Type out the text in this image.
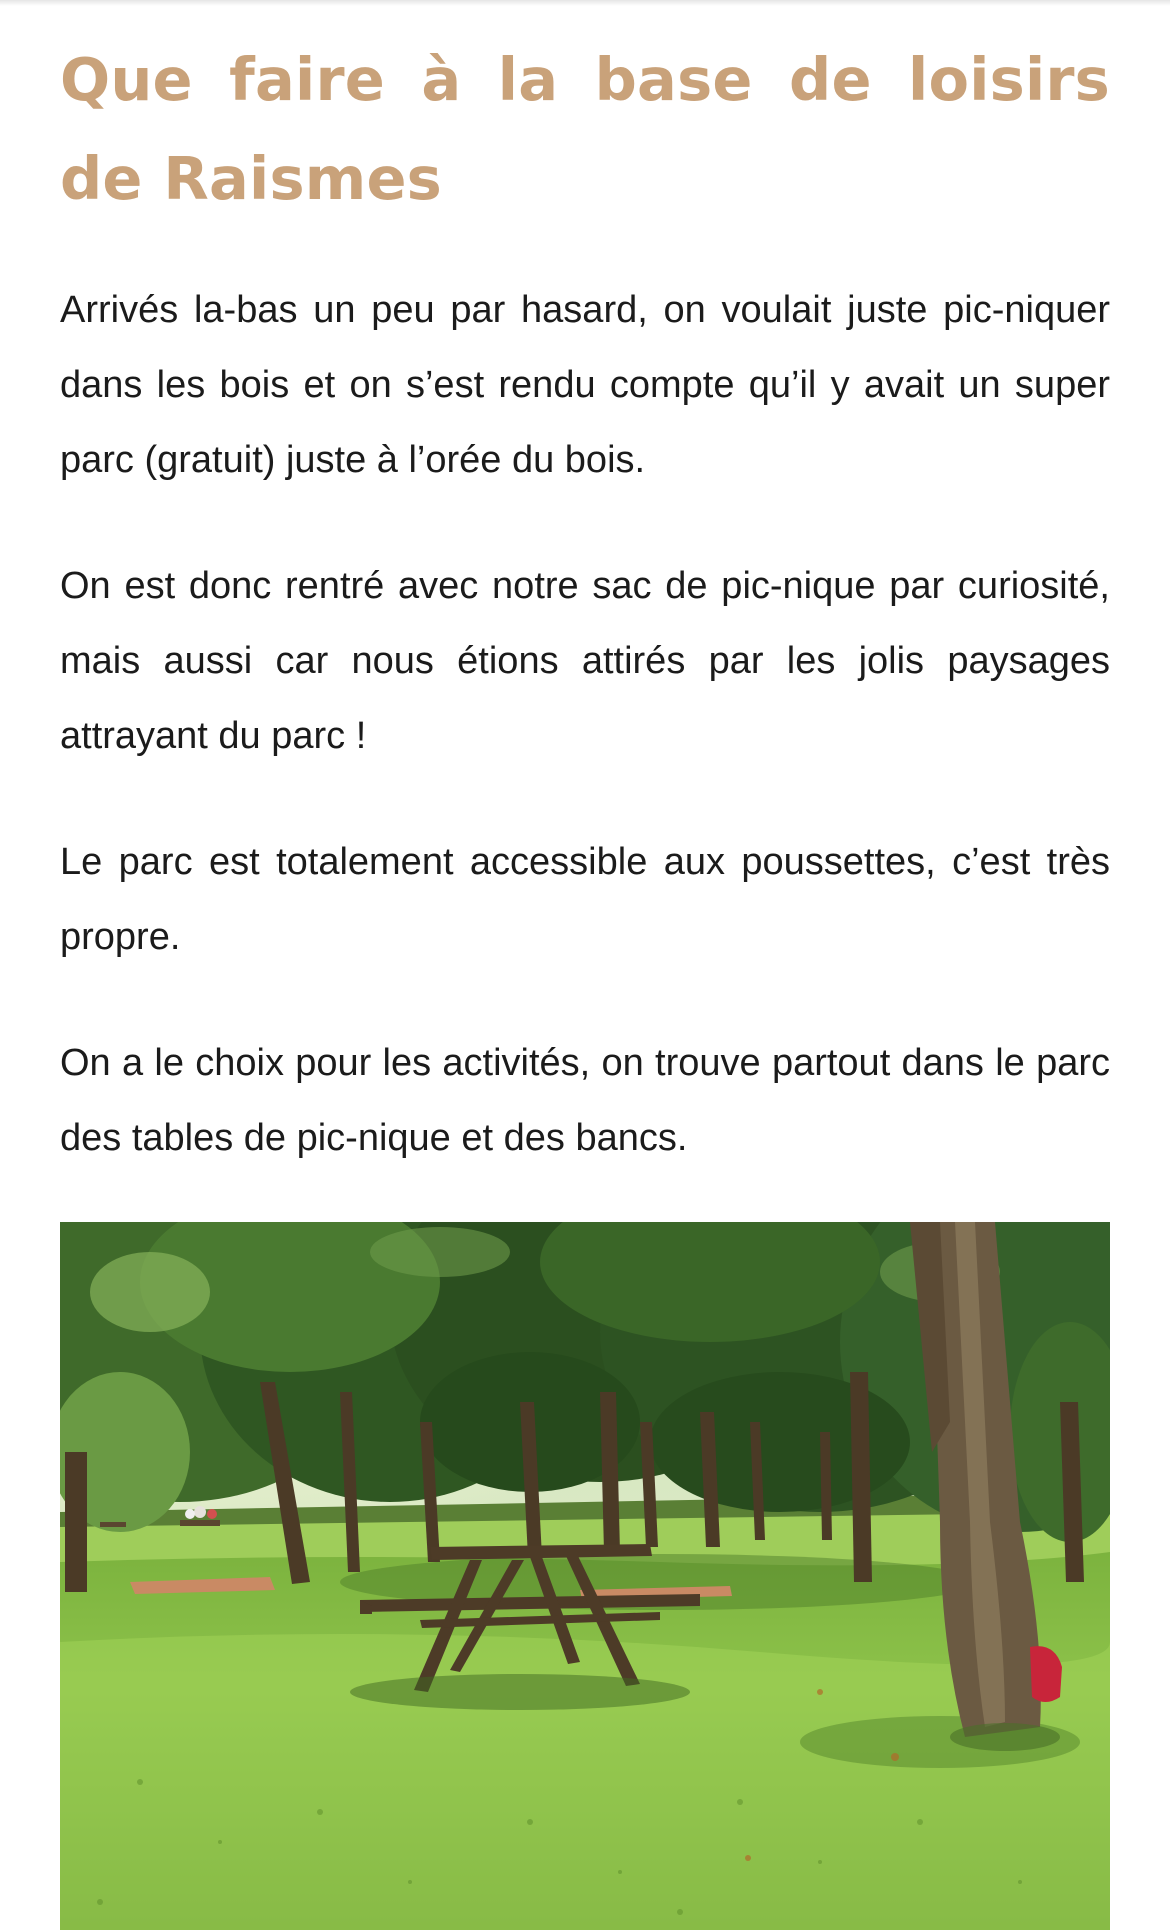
Que faire à la base de loisirs de Raismes

Arrivés la-bas un peu par hasard, on voulait juste pic-niquer dans les bois et on s’est rendu compte qu’il y avait un super parc (gratuit) juste à l’orée du bois.

On est donc rentré avec notre sac de pic-nique par curiosité, mais aussi car nous étions attirés par les jolis paysages attrayant du parc !

Le parc est totalement accessible aux poussettes, c’est très propre.

On a le choix pour les activités, on trouve partout dans le parc des tables de pic-nique et des bancs.
